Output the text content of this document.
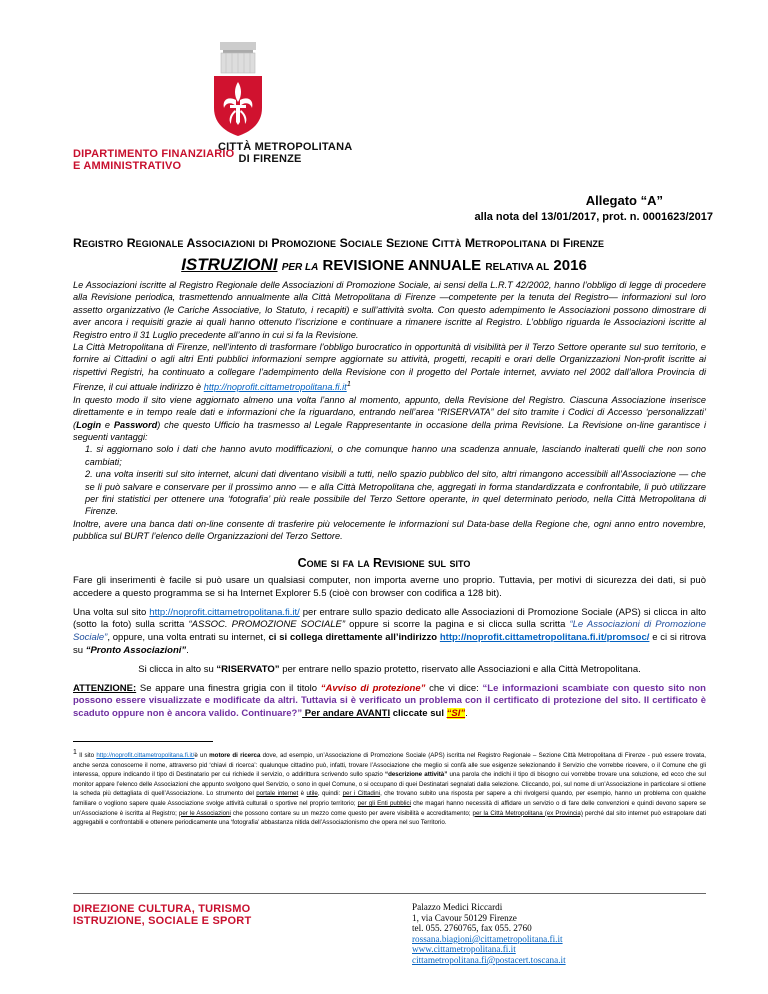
DIPARTIMENTO FINANZIARIO
E AMMINISTRATIVO
CITTÀ METROPOLITANA
DI FIRENZE
Allegato “A”
alla nota del 13/01/2017, prot. n. 0001623/2017
Registro Regionale Associazioni di Promozione Sociale Sezione Città Metropolitana di Firenze
ISTRUZIONI PER LA REVISIONE ANNUALE RELATIVA AL 2016

Le Associazioni iscritte al Registro Regionale delle Associazioni di Promozione Sociale, ai sensi della L.R.T 42/2002, hanno l’obbligo di legge di procedere alla Revisione periodica, trasmettendo annualmente alla Città Metropolitana di Firenze —competente per la tenuta del Registro— informazioni sul loro assetto organizzativo (le Cariche Associative, lo Statuto, i recapiti) e sull’attività svolta. Con questo adempimento le Associazioni possono dimostrare di aver ancora i requisiti grazie ai quali hanno ottenuto l’iscrizione e continuare a rimanere iscritte al Registro. L’obbligo riguarda le Associazioni iscritte al Registro entro il 31 Luglio precedente all’anno in cui si fa la Revisione.

La Città Metropolitana di Firenze, nell’intento di trasformare l’obbligo burocratico in opportunità di visibilità per il Terzo Settore operante sul suo territorio, e fornire ai Cittadini o agli altri Enti pubblici informazioni sempre aggiornate su attività, progetti, recapiti e orari delle Organizzazioni Non-profit iscritte ai rispettivi Registri, ha continuato a collegare l’adempimento della Revisione con il progetto del Portale internet, avviato nel 2002 dall’allora Provincia di Firenze, il cui attuale indirizzo è $http://noprofit.cittametropolitana.fi.it^1$

In questo modo il sito viene aggiornato almeno una volta l’anno al momento, appunto, della Revisione del Registro. Ciascuna Associazione inserisce direttamente e in tempo reale dati e informazioni che la riguardano, entrando nell’area “RISERVATA” del sito tramite i Codici di Accesso ‘personalizzati’ (Login e Password) che questo Ufficio ha trasmesso al Legale Rappresentante in occasione della prima Revisione. La Revisione on-line garantisce i seguenti vantaggi:

1. si aggiornano solo i dati che hanno avuto modifficazioni, o che comunque hanno una scadenza annuale, lasciando inalterati quelli che non sono cambiati;

2. una volta inseriti sul sito internet, alcuni dati diventano visibili a tutti, nello spazio pubblico del sito, altri rimangono accessibili all’Associazione — che se li può salvare e conservare per il prossimo anno — e alla Città Metropolitana che, aggregati in forma standardizzata e confrontabile, li può utilizzare per fini statistici per ottenere una ‘fotografia’ più reale possibile del Terzo Settore operante, in quel determinato periodo, nella Città Metropolitana di Firenze.

Inoltre, avere una banca dati on-line consente di trasferire più velocemente le informazioni sul Data-base della Regione che, ogni anno entro novembre, pubblica sul BURT l’elenco delle Organizzazioni del Terzo Settore.

Come si fa la Revisione sul sito

Fare gli inserimenti è facile si può usare un qualsiasi computer, non importa averne uno proprio. Tuttavia, per motivi di sicurezza dei dati, si può accedere a questo programma se si ha Internet Explorer 5.5 (cioè con browser con codifica a 128 bit).

Una volta sul sito http://noprofit.cittametropolitana.fi.it/ per entrare sullo spazio dedicato alle Associazioni di Promozione Sociale (APS) si clicca in alto (sotto la foto) sulla scritta “ASSOC. PROMOZIONE SOCIALE” oppure si scorre la pagina e si clicca sulla scritta “Le Associazioni di Promozione Sociale”, oppure, una volta entrati su internet, ci si collega direttamente all’indirizzo http://noprofit.cittametropolitana.fi.it/promsoc/ e ci si ritrova su “Pronto Associazioni”.

Si clicca in alto su “RISERVATO” per entrare nello spazio protetto, riservato alle Associazioni e alla Città Metropolitana.

ATTENZIONE: Se appare una finestra grigia con il titolo “Avviso di protezione” che vi dice: “Le informazioni scambiate con questo sito non possono essere visualizzate e modificate da altri. Tuttavia si è verificato un problema con il certificato di protezione del sito. Il certificato è scaduto oppure non è ancora valido. Continuare?” Per andare AVANTI cliccate sul “SI”.

$^1$ Il sito http://noprofit.cittametropolitana.fi.it/è un motore di ricerca dove, ad esempio, un’Associazione di Promozione Sociale (APS) iscritta nel Registro Regionale – Sezione Città Metropolitana di Firenze - può essere trovata, anche senza conoscerne il nome, attraverso pid ‘chiavi di ricerca’: qualunque cittadino può, infatti, trovare l’Associazione che meglio si confà alle sue esigenze selezionando il Servizio che vorrebbe ricevere, o il Comune che gli interessa, oppure indicando il tipo di Destinatario per cui richiede il servizio, o addirittura scrivendo sullo spazio “descrizione attività” una parola che indichi il tipo di bisogno cui vorrebbe trovare una soluzione, ed ecco che sul monitor appare l’elenco delle Associazioni che appunto svolgono quel Servizio, o sono in quel Comune, o si occupano di quei Destinatari segnalati dalla selezione. Cliccando, poi, sul nome di un’Associazione in particolare si ottiene la scheda più dettagliata di quell’Associazione. Lo strumento del portale internet è utile, quindi: per i Cittadini, che trovano subito una risposta per sapere a chi rivolgersi quando, per esempio, hanno un problema con qualche familiare o vogliono sapere quale Associazione svolge attività culturali o sportive nel proprio territorio; per gli Enti pubblici che magari hanno necessità di affidare un servizio o di fare delle convenzioni e quindi devono sapere se un’Associazione è iscritta al Registro; per le Associazioni che possono contare su un mezzo come questo per avere visibilità e accreditamento; per la Città Metropolitana (ex Provincia) perché dal sito internet può estrapolare dati aggregabili e confrontabili e ottenere periodicamente una ‘fotografia’ abbastanza nitida dell’Associazionismo che opera nel suo Territorio.
DIREZIONE CULTURA, TURISMO
ISTRUZIONE, SOCIALE E SPORT
Palazzo Medici Riccardi
1, via Cavour 50129 Firenze
tel. 055. 2760765, fax 055. 2760
rossana.biagioni@cittametropolitana.fi.it
www.cittametropolitana.fi.it
cittametropolitana.fi@postacert.toscana.it
